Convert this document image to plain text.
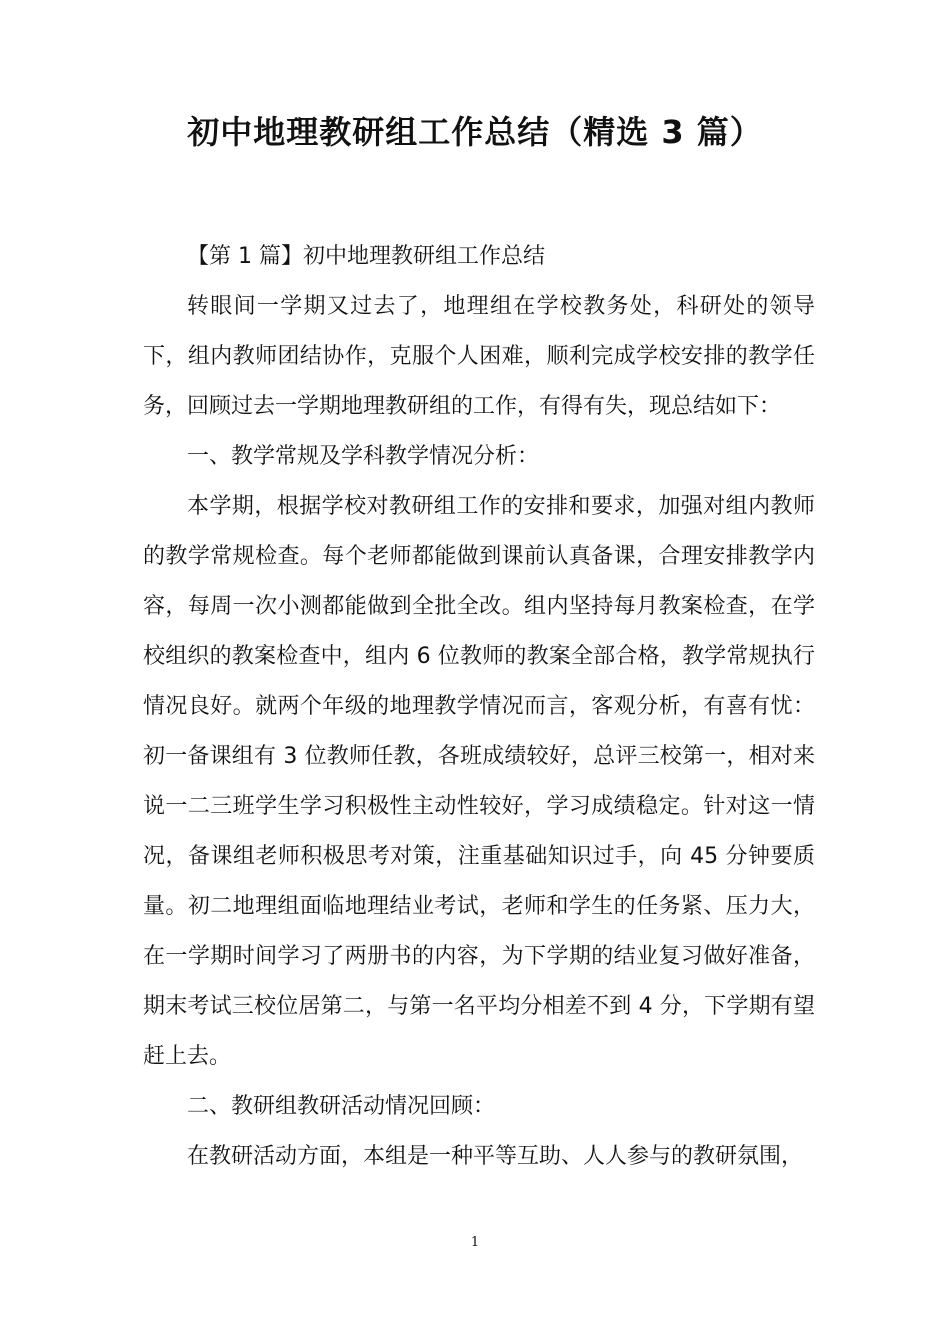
初中地理教研组工作总结（精选 3 篇）

【第 1 篇】初中地理教研组工作总结

转眼间一学期又过去了，地理组在学校教务处，科研处的领导下，组内教师团结协作，克服个人困难，顺利完成学校安排的教学任务，回顾过去一学期地理教研组的工作，有得有失，现总结如下：

一、教学常规及学科教学情况分析：

本学期，根据学校对教研组工作的安排和要求，加强对组内教师的教学常规检查。每个老师都能做到课前认真备课，合理安排教学内容，每周一次小测都能做到全批全改。组内坚持每月教案检查，在学校组织的教案检查中，组内 6 位教师的教案全部合格，教学常规执行情况良好。就两个年级的地理教学情况而言，客观分析，有喜有忧：初一备课组有 3 位教师任教，各班成绩较好，总评三校第一，相对来说一二三班学生学习积极性主动性较好，学习成绩稳定。针对这一情况，备课组老师积极思考对策，注重基础知识过手，向 45 分钟要质量。初二地理组面临地理结业考试，老师和学生的任务紧、压力大，在一学期时间学习了两册书的内容，为下学期的结业复习做好准备，期末考试三校位居第二，与第一名平均分相差不到 4 分，下学期有望赶上去。

二、教研组教研活动情况回顾：

在教研活动方面，本组是一种平等互助、人人参与的教研氛围，

1
